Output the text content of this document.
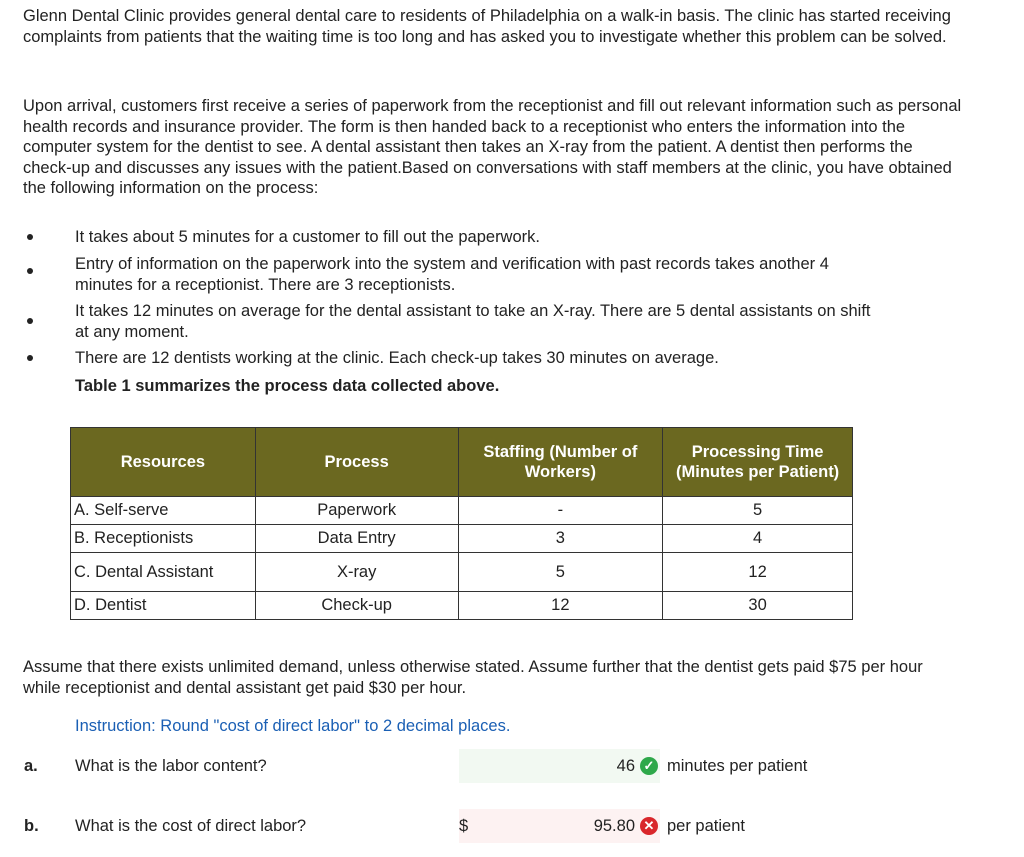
Glenn Dental Clinic provides general dental care to residents of Philadelphia on a walk-in basis. The clinic has started receiving complaints from patients that the waiting time is too long and has asked you to investigate whether this problem can be solved.

Upon arrival, customers first receive a series of paperwork from the receptionist and fill out relevant information such as personal health records and insurance provider. The form is then handed back to a receptionist who enters the information into the computer system for the dentist to see. A dental assistant then takes an X-ray from the patient. A dentist then performs the check-up and discusses any issues with the patient.Based on conversations with staff members at the clinic, you have obtained the following information on the process:

It takes about 5 minutes for a customer to fill out the paperwork.
Entry of information on the paperwork into the system and verification with past records takes another 4 minutes for a receptionist. There are 3 receptionists.
It takes 12 minutes on average for the dental assistant to take an X-ray. There are 5 dental assistants on shift at any moment.
There are 12 dentists working at the clinic. Each check-up takes 30 minutes on average.
Table 1 summarizes the process data collected above.
Resources	Process	Staffing (Number of Workers)	Processing Time (Minutes per Patient)
A. Self-serve	Paperwork	-	5
B. Receptionists	Data Entry	3	4
C. Dental Assistant	X-ray	5	12
D. Dentist	Check-up	12	30
Assume that there exists unlimited demand, unless otherwise stated. Assume further that the dentist gets paid $75 per hour while receptionist and dental assistant get paid $30 per hour.
Instruction: Round "cost of direct labor" to 2 decimal places.
a. What is the labor content?	46 ✓ minutes per patient
b. What is the cost of direct labor?	95.80 ✕
$	per patient
